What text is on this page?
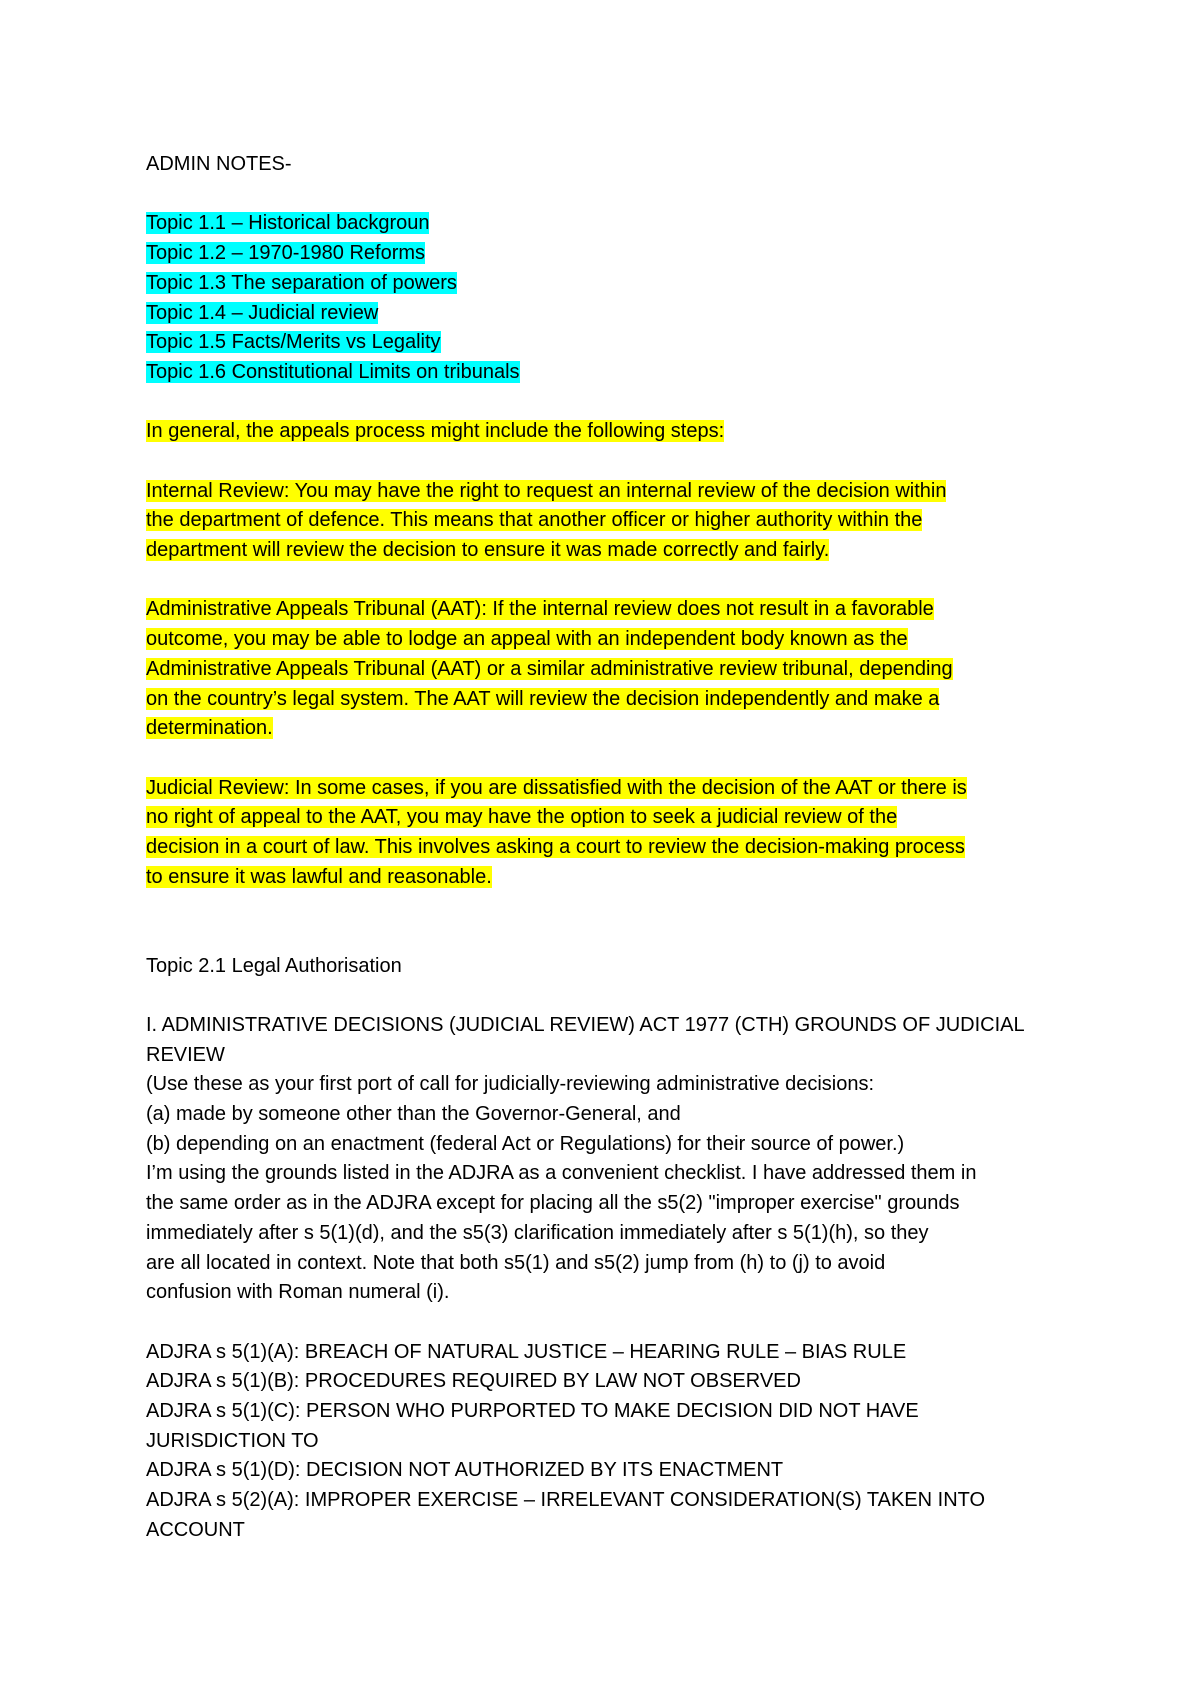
ADMIN NOTES-
Topic 1.1 – Historical backgroun
Topic 1.2 – 1970-1980 Reforms
Topic 1.3 The separation of powers
Topic 1.4 – Judicial review
Topic 1.5 Facts/Merits vs Legality
Topic 1.6 Constitutional Limits on tribunals
In general, the appeals process might include the following steps:
Internal Review: You may have the right to request an internal review of the decision within
the department of defence. This means that another officer or higher authority within the
department will review the decision to ensure it was made correctly and fairly.
Administrative Appeals Tribunal (AAT): If the internal review does not result in a favorable
outcome, you may be able to lodge an appeal with an independent body known as the
Administrative Appeals Tribunal (AAT) or a similar administrative review tribunal, depending
on the country’s legal system. The AAT will review the decision independently and make a
determination.
Judicial Review: In some cases, if you are dissatisfied with the decision of the AAT or there is
no right of appeal to the AAT, you may have the option to seek a judicial review of the
decision in a court of law. This involves asking a court to review the decision-making process
to ensure it was lawful and reasonable.
Topic 2.1 Legal Authorisation
I. ADMINISTRATIVE DECISIONS (JUDICIAL REVIEW) ACT 1977 (CTH) GROUNDS OF JUDICIAL
REVIEW
(Use these as your first port of call for judicially-reviewing administrative decisions:
(a) made by someone other than the Governor-General, and
(b) depending on an enactment (federal Act or Regulations) for their source of power.)
I’m using the grounds listed in the ADJRA as a convenient checklist. I have addressed them in
the same order as in the ADJRA except for placing all the s5(2) "improper exercise" grounds
immediately after s 5(1)(d), and the s5(3) clarification immediately after s 5(1)(h), so they
are all located in context. Note that both s5(1) and s5(2) jump from (h) to (j) to avoid
confusion with Roman numeral (i).
ADJRA s 5(1)(A): BREACH OF NATURAL JUSTICE – HEARING RULE – BIAS RULE
ADJRA s 5(1)(B): PROCEDURES REQUIRED BY LAW NOT OBSERVED
ADJRA s 5(1)(C): PERSON WHO PURPORTED TO MAKE DECISION DID NOT HAVE
JURISDICTION TO
ADJRA s 5(1)(D): DECISION NOT AUTHORIZED BY ITS ENACTMENT
ADJRA s 5(2)(A): IMPROPER EXERCISE – IRRELEVANT CONSIDERATION(S) TAKEN INTO
ACCOUNT
